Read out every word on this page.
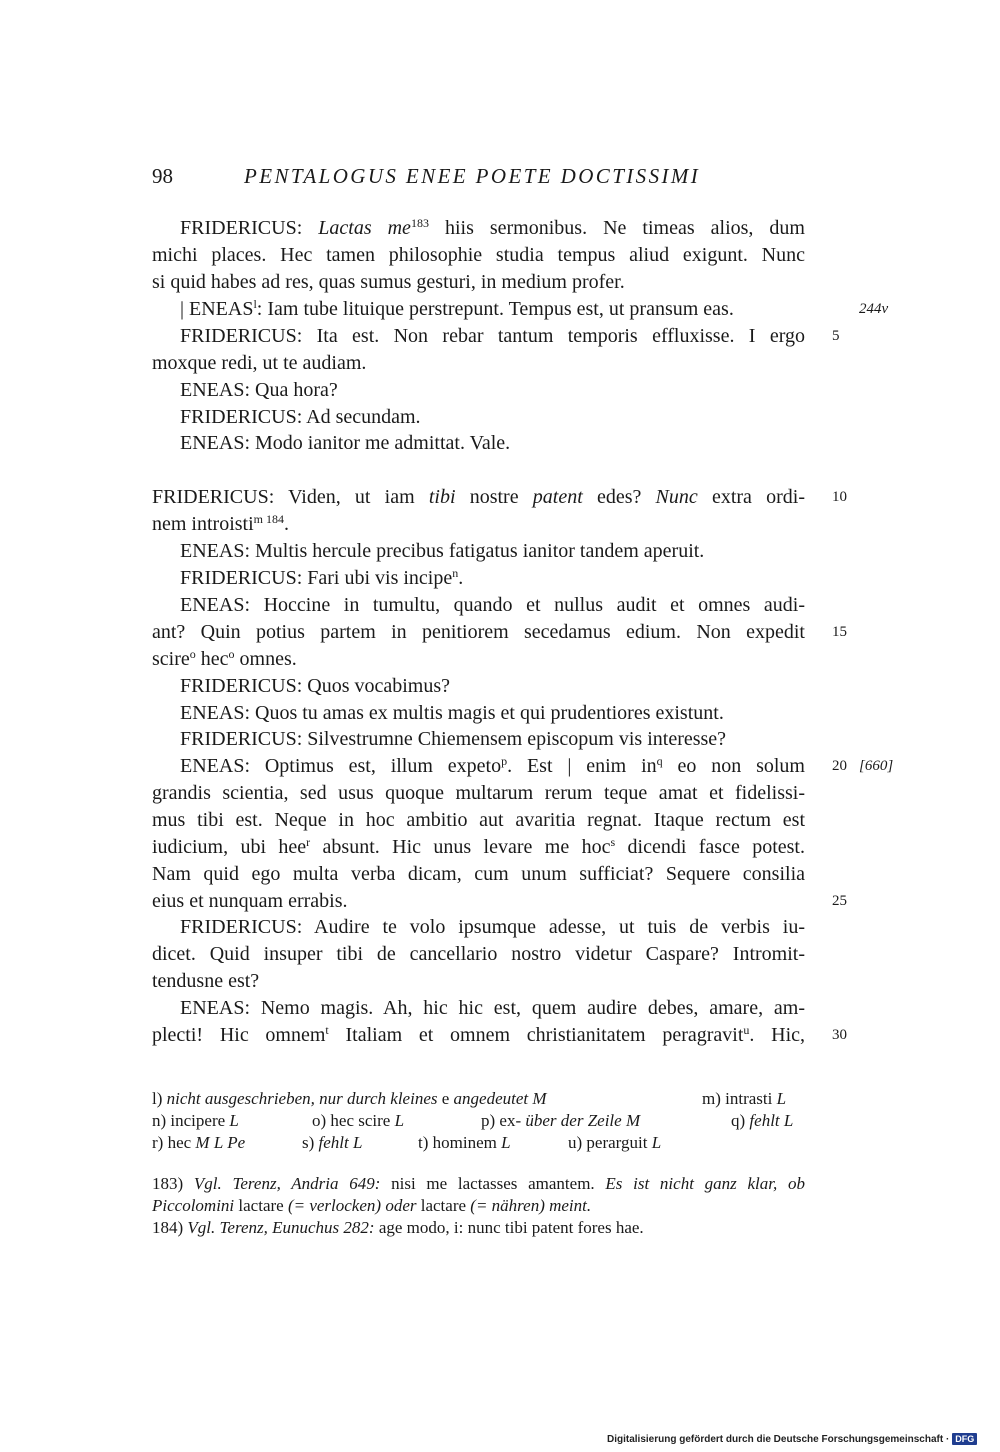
98	PENTALOGUS ENEE POETE DOCTISSIMI
FRIDERICUS: Lactas $me^{183}$ hiis sermonibus. Ne timeas alios, dum
michi places. Hec tamen philosophie studia tempus aliud exigunt. Nunc
si quid habes ad res, quas sumus gesturi, in medium profer.
| ENEAS$^l$: Iam tube lituique perstrepunt. Tempus est, ut pransum eas.
FRIDERICUS: Ita est. Non rebar tantum temporis effluxisse. I ergo
moxque redi, ut te audiam.
ENEAS: Qua hora?
FRIDERICUS: Ad secundam.
ENEAS: Modo ianitor me admittat. Vale.
FRIDERICUS: Viden, ut iam tibi nostre patent edes? Nunc extra ordi-
nem introisti$^{m 184}$.
ENEAS: Multis hercule precibus fatigatus ianitor tandem aperuit.
FRIDERICUS: Fari ubi vis incipe$^n$.
ENEAS: Hoccine in tumultu, quando et nullus audit et omnes audi-
ant? Quin potius partem in penitiorem secedamus edium. Non expedit
scire$^o$ hec$^o$ omnes.
FRIDERICUS: Quos vocabimus?
ENEAS: Quos tu amas ex multis magis et qui prudentiores existunt.
FRIDERICUS: Silvestrumne Chiemensem episcopum vis interesse?
ENEAS: Optimus est, illum expeto$^p$. Est | enim $in^q$ eo non solum
grandis scientia, sed usus quoque multarum rerum teque amat et fidelissi-
mus tibi est. Neque in hoc ambitio aut avaritia regnat. Itaque rectum est
iudicium, ubi hee$^r$ absunt. Hic unus levare me hoc$^s$ dicendi fasce potest.
Nam quid ego multa verba dicam, cum unum sufficiat? Sequere consilia
eius et nunquam errabis.
FRIDERICUS: Audire te volo ipsumque adesse, ut tuis de verbis iu-
dicet. Quid insuper tibi de cancellario nostro videtur Caspare? Intromit-
tendusne est?
ENEAS: Nemo magis. Ah, hic hic est, quem audire debes, amare, am-
plecti! Hic omnem$^t$ Italiam et omnem christianitatem peragravit$^u$. Hic,
5
10
15
20
25
30
244v
[660]
l) nicht ausgeschrieben, nur durch kleines e angedeutet M	m) intrasti L
n) incipere L	o) hec scire L	p) ex- über der Zeile M	q) fehlt L
r) hec M L Pe	s) fehlt L	t) hominem L	u) perarguit L
183) Vgl. Terenz, Andria 649: nisi me lactasses amantem. Es ist nicht ganz klar, ob
Piccolomini lactare (= verlocken) oder lactare (= nähren) meint.
184) Vgl. Terenz, Eunuchus 282: age modo, i: nunc tibi patent fores hae.
Digitalisierung gefördert durch die Deutsche Forschungsgemeinschaft · DFG
